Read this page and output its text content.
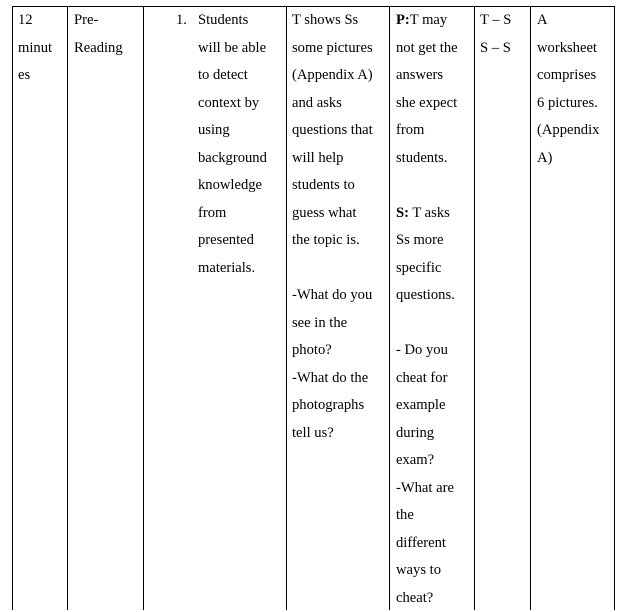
12
minut
es
Pre-
Reading
1. Students
will be able
to detect
context by
using
background
knowledge
from
presented
materials.
T shows Ss
some pictures
(Appendix A)
and asks
questions that
will help
students to
guess what
the topic is.
-What do you
see in the
photo?
-What do the
photographs
tell us?
P:T may
not get the
answers
she expect
from
students.
S: T asks
Ss more
specific
questions.
- Do you
cheat for
example
during
exam?
-What are
the
different
ways to
cheat?
T – S
S – S
A
worksheet
comprises
6 pictures.
(Appendix
A)
